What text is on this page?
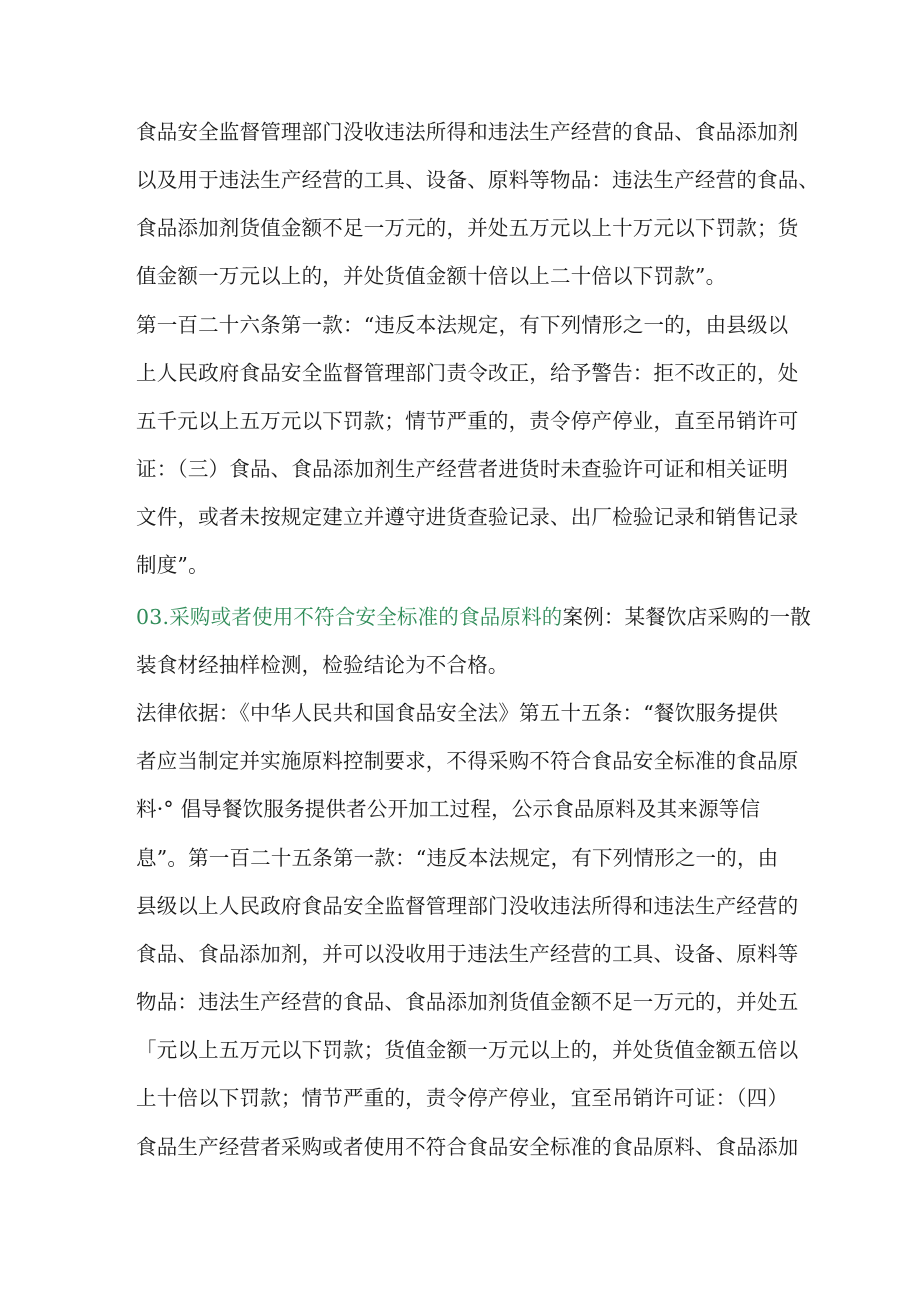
食品安全监督管理部门没收违法所得和违法生产经营的食品、食品添加剂
以及用于违法生产经营的工具、设备、原料等物品：违法生产经营的食品、
食品添加剂货值金额不足一万元的，并处五万元以上十万元以下罚款；货
值金额一万元以上的，并处货值金额十倍以上二十倍以下罚款”。
第一百二十六条第一款：“违反本法规定，有下列情形之一的，由县级以
上人民政府食品安全监督管理部门责令改正，给予警告：拒不改正的，处
五千元以上五万元以下罚款；情节严重的，责令停产停业，直至吊销许可
证：（三）食品、食品添加剂生产经营者进货时未查验许可证和相关证明
文件，或者未按规定建立并遵守进货查验记录、出厂检验记录和销售记录
制度”。
03.采购或者使用不符合安全标准的食品原料的案例：某餐饮店采购的一散
装食材经抽样检测，检验结论为不合格。
法律依据：《中华人民共和国食品安全法》第五十五条：“餐饮服务提供
者应当制定并实施原料控制要求，不得采购不符合食品安全标准的食品原
料·° 倡导餐饮服务提供者公开加工过程，公示食品原料及其来源等信
息”。第一百二十五条第一款：“违反本法规定，有下列情形之一的，由
县级以上人民政府食品安全监督管理部门没收违法所得和违法生产经营的
食品、食品添加剂，并可以没收用于违法生产经营的工具、设备、原料等
物品：违法生产经营的食品、食品添加剂货值金额不足一万元的，并处五
「元以上五万元以下罚款；货值金额一万元以上的，并处货值金额五倍以
上十倍以下罚款；情节严重的，责令停产停业，宜至吊销许可证：（四）
食品生产经营者采购或者使用不符合食品安全标准的食品原料、食品添加
